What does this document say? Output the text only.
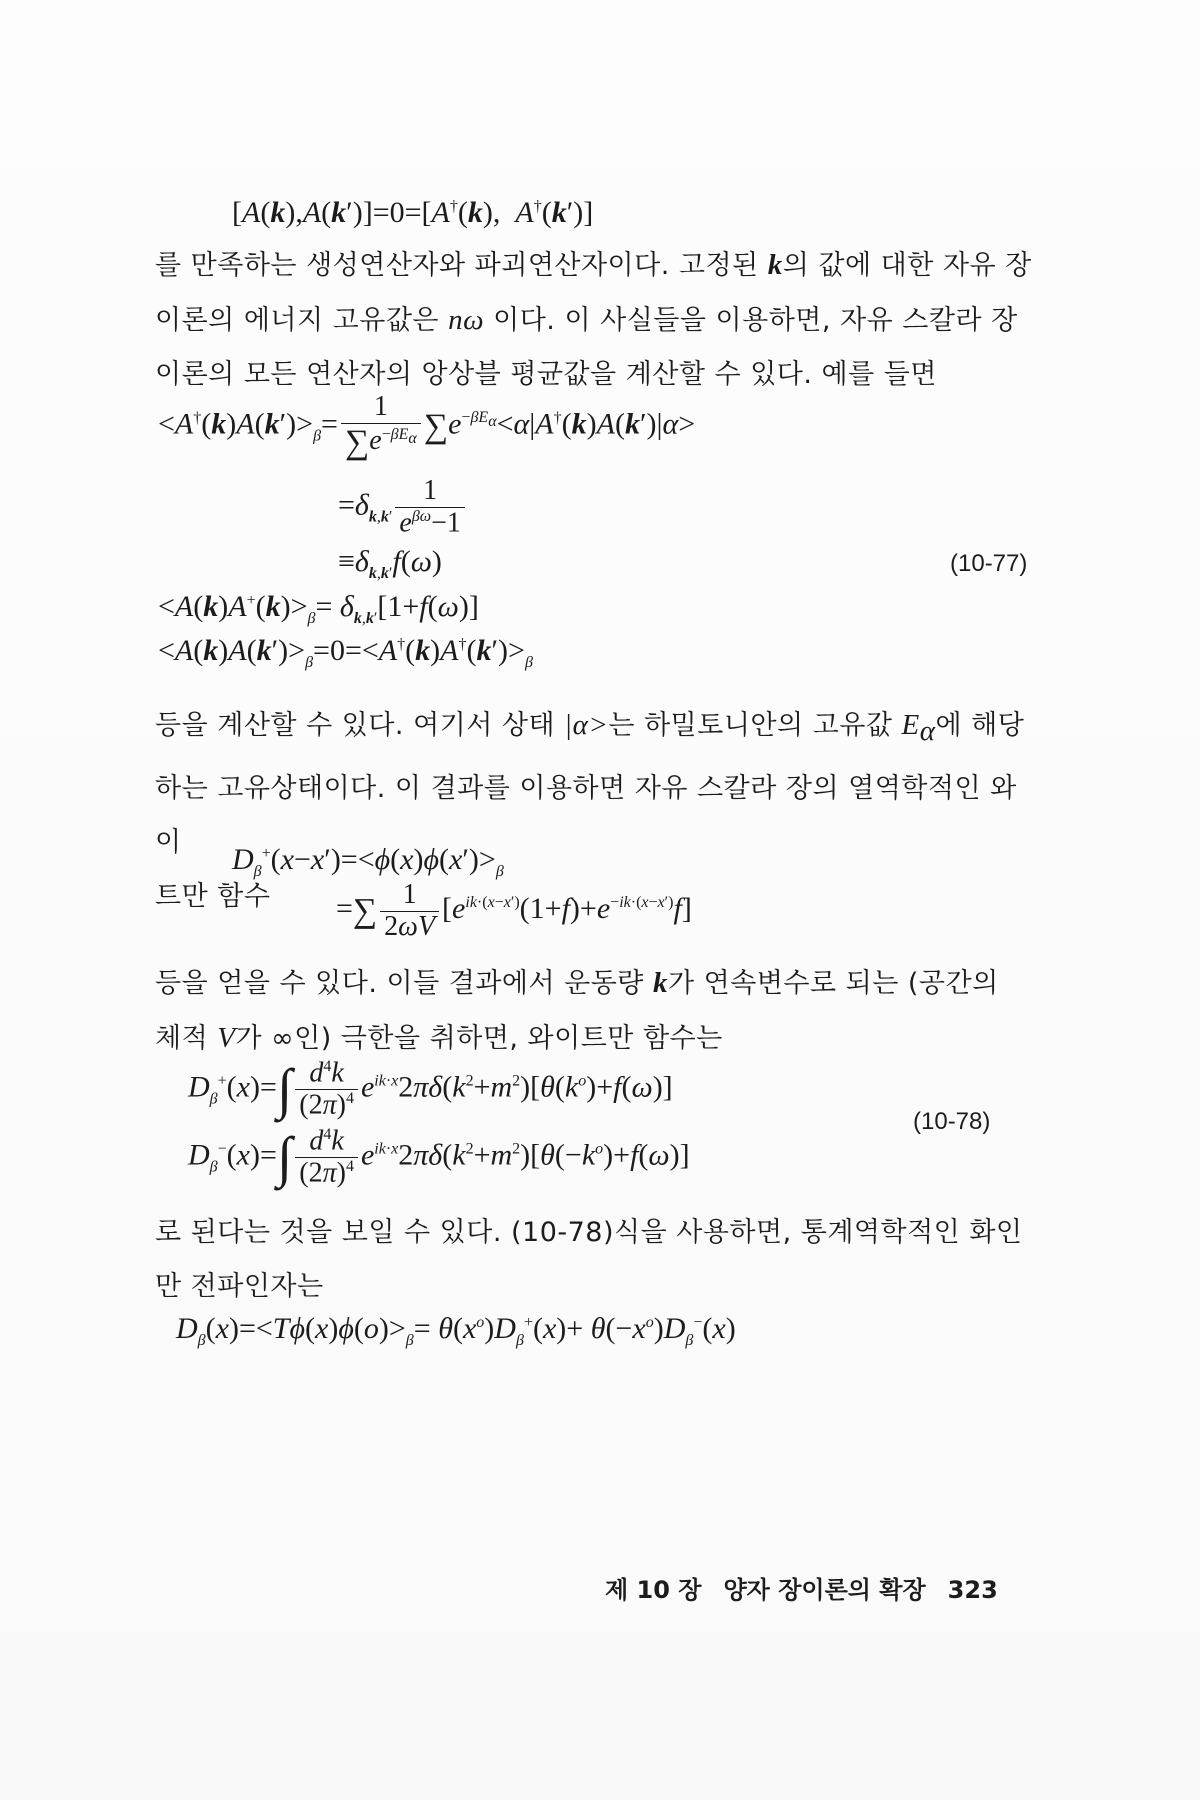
[A(k),A(k′)]=0=[A†(k),  A†(k′)]

를 만족하는 생성연산자와 파괴연산자이다. 고정된 k의 값에 대한 자유 장
이론의 에너지 고유값은 nω 이다. 이 사실들을 이용하면, 자유 스칼라 장
이론의 모든 연산자의 앙상블 평균값을 계산할 수 있다. 예를 들면

$<A^\dagger(k)A(k')>_\beta= \frac{1}{\sum e^{-\beta E_\alpha}} \sum e^{-\beta E_\alpha}<\alpha|A^\dagger(k)A(k')|\alpha>$
$=\delta_{k,k'} \frac{1}{e^{\beta\omega}-1}$
$\equiv\delta_{k,k'}f(\omega)$	(10-77)
$<A(k)A^+(k)>_\beta= \delta_{k,k'}[1+f(\omega)]$
$<A(k)A(k')>_\beta=0=<A^\dagger(k)A^\dagger(k')>_\beta$

등을 계산할 수 있다. 여기서 상태 |α>는 하밀토니안의 고유값 $E_\alpha$에 해당
하는 고유상태이다. 이 결과를 이용하면 자유 스칼라 장의 열역학적인 와이
트만 함수

$D_\beta^+(x-x')=<\phi(x)\phi(x')>_\beta$
=∑ $\frac{1}{2\omega V} [e^{ik\cdot(x-x')}(1+f)+e^{-ik\cdot(x-x')}f]$

등을 얻을 수 있다. 이들 결과에서 운동량 k가 연속변수로 되는 (공간의
체적 V가 ∞인) 극한을 취하면, 와이트만 함수는

$D_\beta^+(x)=\int \frac{d^4k}{(2\pi)^4} e^{ik\cdot x}2\pi\delta(k^2+m^2)[\theta(k^o)+f(\omega)]$
(10-78)
$D_\beta^-(x)=\int \frac{d^4k}{(2\pi)^4} e^{ik\cdot x}2\pi\delta(k^2+m^2)[\theta(-k^o)+f(\omega)]$

로 된다는 것을 보일 수 있다. (10-78)식을 사용하면, 통계역학적인 화인
만 전파인자는

$D_\beta(x)=<T\phi(x)\phi(o)>_\beta= \theta(x^o)D_\beta^+(x)+ \theta(-x^o)D_\beta^-(x)$
제 10 장 양자 장이론의 확장 323
